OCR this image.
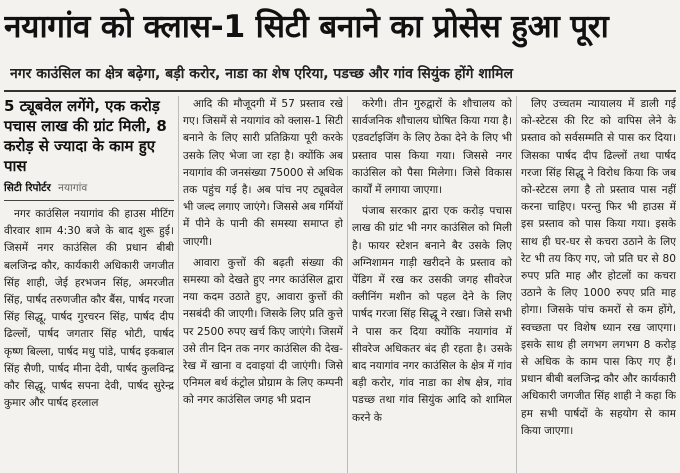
नयागांव को क्लास-1 सिटी बनाने का प्रोसेस हुआ पूरा
नगर काउंसिल का क्षेत्र बढ़ेगा, बड़ी करोर, नाडा का शेष एरिया, पडच्छ और गांव सियुंक होंगे शामिल
5 ट्यूबवेल लगेंगे, एक करोड़ पचास लाख की ग्रांट मिली, 8 करोड़ से ज्यादा के काम हुए पास
सिटी रिपोर्टर नयागांव

नगर काउंसिल नयागांव की हाउस मीटिंग वीरवार शाम 4:30 बजे के बाद शुरू हुई। जिसमें नगर काउंसिल की प्रधान बीबी बलजिन्द्र कौर, कार्यकारी अधिकारी जगजीत सिंह शाही, जेई हरभजन सिंह, अमरजीत सिंह, पार्षद तरुणजीत कौर बैंस, पार्षद गरजा सिंह सिद्धू, पार्षद गुरचरन सिंह, पार्षद दीप ढिल्लों, पार्षद जगतार सिंह भोटी, पार्षद कृष्ण बिल्ला, पार्षद मधु पांडे, पार्षद इकबाल सिंह सैणी, पार्षद मीना देवी, पार्षद कुलविन्द्र कौर सिद्धू, पार्षद सपना देवी, पार्षद सुरेन्द्र कुमार और पार्षद हरलाल

आदि की मौजूदगी में 57 प्रस्ताव रखे गए। जिसमें से नयागांव को क्लास-1 सिटी बनाने के लिए सारी प्रतिक्रिया पूरी करके उसके लिए भेजा जा रहा है। क्योंकि अब नयागांव की जनसंख्या 75000 से अधिक तक पहुंच गई है। अब पांच नए ट्यूबवेल भी जल्द लगाए जाएंगे। जिससे अब गर्मियों में पीने के पानी की समस्या समाप्त हो जाएगी।

आवारा कुत्तों की बढ़ती संख्या की समस्या को देखते हुए नगर काउंसिल द्वारा नया कदम उठाते हुए, आवारा कुत्तों की नसबंदी की जाएगी। जिसके लिए प्रति कुत्ते पर 2500 रुपए खर्च किए जाएंगे। जिसमें उसे तीन दिन तक नगर काउंसिल की देख-रेख में खाना व दवाइयां दी जाएंगी। जिसे एनिमल बर्थ कंट्रोल प्रोग्राम के लिए कम्पनी को नगर काउंसिल जगह भी प्रदान

करेगी। तीन गुरुद्वारों के शौचालय को सार्वजनिक शौचालय घोषित किया गया है। एडवर्टाइजिंग के लिए ठेका देने के लिए भी प्रस्ताव पास किया गया। जिससे नगर काउंसिल को पैसा मिलेगा। जिसे विकास कार्यों में लगाया जाएगा।

पंजाब सरकार द्वारा एक करोड़ पचास लाख की ग्रांट भी नगर काउंसिल को मिली है। फायर स्टेशन बनाने बैर उसके लिए अग्निशामन गाड़ी खरीदने के प्रस्ताव को पेंडिग में रख कर उसकी जगह सीवरेज क्लीनिंग मशीन को पहल देने के लिए पार्षद गरजा सिंह सिद्धू ने रखा। जिसे सभी ने पास कर दिया क्योंकि नयागांव में सीवरेज अधिकतर बंद ही रहता है। उसके बाद नयागांव नगर काउंसिल के क्षेत्र में गांव बड़ी करोर, गांव नाडा का शेष क्षेत्र, गांव पडच्छ तथा गांव सियुंक आदि को शामिल करने के

लिए उच्चतम न्यायालय में डाली गई को-स्टेटस की रिट को वापिस लेने के प्रस्ताव को सर्वसम्मति से पास कर दिया। जिसका पार्षद दीप ढिल्लों तथा पार्षद गरजा सिंह सिद्धू ने विरोध किया कि जब को-स्टेटस लगा है तो प्रस्ताव पास नहीं करना चाहिए। परन्तु फिर भी हाउस में इस प्रस्ताव को पास किया गया। इसके साथ ही घर-घर से कचरा उठाने के लिए रेट भी तय किए गए, जो प्रति घर से 80 रुपए प्रति माह और होटलों का कचरा उठाने के लिए 1000 रुपए प्रति माह होगा। जिसके पांच कमरों से कम होंगे, स्वच्छता पर विशेष ध्यान रख जाएगा। इसके साथ ही लगभग लगभग 8 करोड़ से अधिक के काम पास किए गए हैं। प्रधान बीबी बलजिन्द्र कौर और कार्यकारी अधिकारी जगजीत सिंह शाही ने कहा कि हम सभी पार्षदों के सहयोग से काम किया जाएगा।
